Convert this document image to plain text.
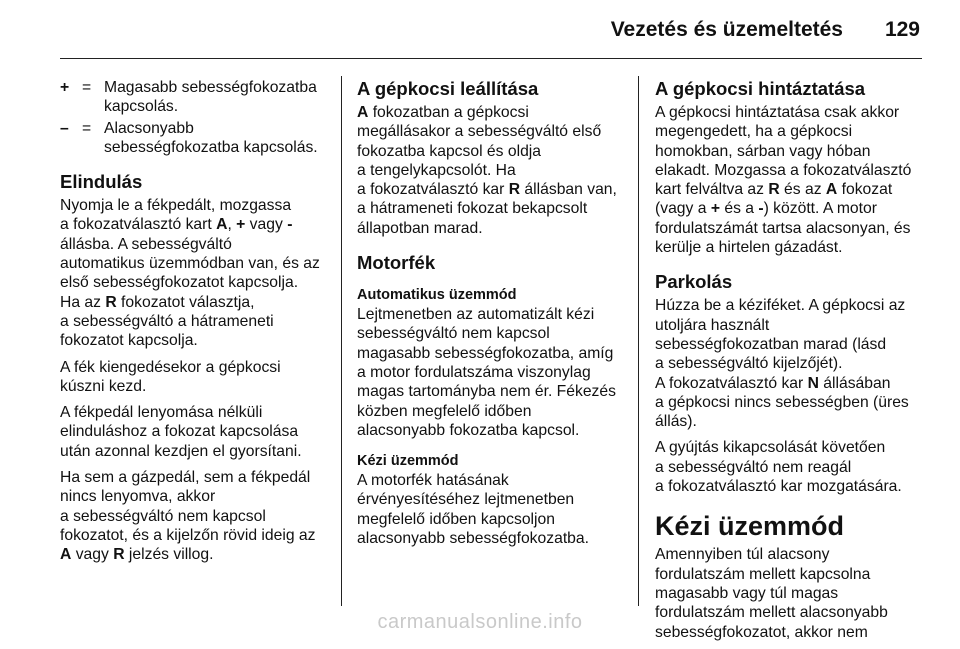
Vezetés és üzemeltetés 129
+ = Magasabb sebességfokozatba
kapcsolás.
– = Alacsonyabb
sebességfokozatba kapcsolás.
Elindulás

Nyomja le a fékpedált, mozgassa
a fokozatválasztó kart A, + vagy -
állásba. A sebességváltó
automatikus üzemmódban van, és az
első sebességfokozatot kapcsolja.
Ha az R fokozatot választja,
a sebességváltó a hátrameneti
fokozatot kapcsolja.

A fék kiengedésekor a gépkocsi
kúszni kezd.

A fékpedál lenyomása nélküli
elinduláshoz a fokozat kapcsolása
után azonnal kezdjen el gyorsítani.

Ha sem a gázpedál, sem a fékpedál
nincs lenyomva, akkor
a sebességváltó nem kapcsol
fokozatot, és a kijelzőn rövid ideig az
A vagy R jelzés villog.

A gépkocsi leállítása

A fokozatban a gépkocsi
megállásakor a sebességváltó első
fokozatba kapcsol és oldja
a tengelykapcsolót. Ha
a fokozatválasztó kar R állásban van,
a hátrameneti fokozat bekapcsolt
állapotban marad.

Motorfék
Automatikus üzemmód

Lejtmenetben az automatizált kézi
sebességváltó nem kapcsol
magasabb sebességfokozatba, amíg
a motor fordulatszáma viszonylag
magas tartományba nem ér. Fékezés
közben megfelelő időben
alacsonyabb fokozatba kapcsol.

Kézi üzemmód

A motorfék hatásának
érvényesítéséhez lejtmenetben
megfelelő időben kapcsoljon
alacsonyabb sebességfokozatba.

A gépkocsi hintáztatása

A gépkocsi hintáztatása csak akkor
megengedett, ha a gépkocsi
homokban, sárban vagy hóban
elakadt. Mozgassa a fokozatválasztó
kart felváltva az R és az A fokozat
(vagy a + és a -) között. A motor
fordulatszámát tartsa alacsonyan, és
kerülje a hirtelen gázadást.

Parkolás

Húzza be a kéziféket. A gépkocsi az
utoljára használt
sebességfokozatban marad (lásd
a sebességváltó kijelzőjét).
A fokozatválasztó kar N állásában
a gépkocsi nincs sebességben (üres
állás).

A gyújtás kikapcsolását követően
a sebességváltó nem reagál
a fokozatválasztó kar mozgatására.

Kézi üzemmód

Amennyiben túl alacsony
fordulatszám mellett kapcsolna
magasabb vagy túl magas
fordulatszám mellett alacsonyabb
sebességfokozatot, akkor nem

carmanualsonline.info
